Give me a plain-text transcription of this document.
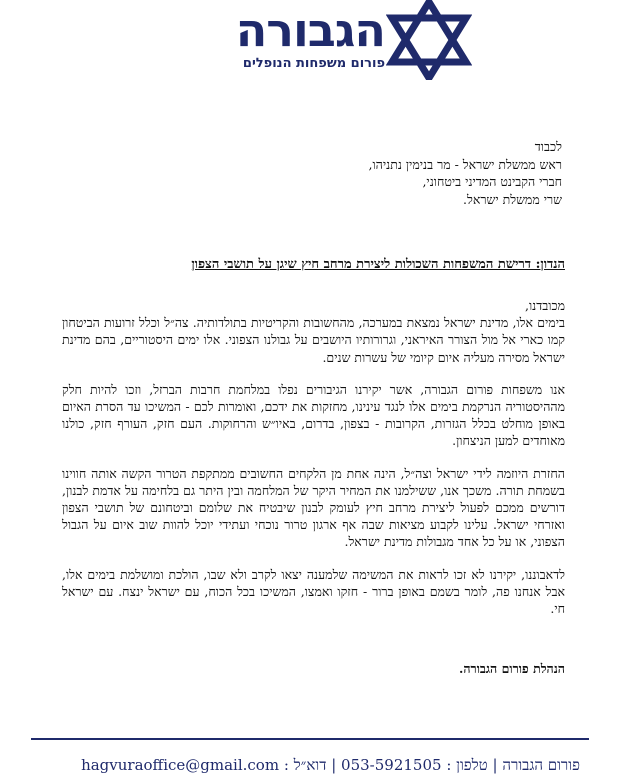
הגבורה
פורום משפחות הנופלים
לכבוד
ראש ממשלת ישראל - מר בנימין נתניהו,
חברי הקבינט המדיני ביטחוני,
שרי ממשלת ישראל.
הנדון: דרישת המשפחות השכולות ליצירת מרחב חיץ שיגן על תושבי הצפון

מכובדנו,

בימים אלו, מדינת ישראל נמצאת במערכה, מהחשובות והקריטיות בתולדותיה. צה״ל וכלל זרועות הביטחון קמו כארי אל מול הצורר האיראני, וגרורותיו היושבים על גבולנו הצפוני. אלו ימים היסטוריים, בהם מדינת ישראל מסירה מעליה איום קיומי של עשרות שנים.

אנו משפחות פורום הגבורה, אשר יקירנו הגיבורים נפלו במלחמת חרבות הברזל, וזכו להיות חלק מההיסטוריה הנרקמת בימים אלו לנגד עינינו, מחזקות את ידכם, ואומרות לכם - המשיכו עד הסרת האיום באופן מוחלט בכלל הגזרות, הקרובות - בצפון, בדרום, באיו״ש והרחוקות. העם חזק, העורף חזק, כולנו מאוחדים למען הניצחון.

החזרת היוזמה לידי ישראל וצה״ל, הינה אחת מן הלקחים החשובים ממתקפת הטרור הקשה אותה חווינו בשמחת תורה. משכך אנו, ששילמנו את המחיר היקר של המלחמה ובין היתר גם בלחימה על אדמת לבנון, דורשים ממכם לפעול ליצירת מרחב חיץ לעומק לבנון שיבטיח את שלומם וביטחונם של תושבי הצפון ואזרחי ישראל. עלינו לקבוע מציאות שבה אף ארגון טרור נוכחי ועתידי יוכל להוות שוב איום על הגבול הצפוני, או על כל אחד מגבולות מדינת ישראל.

לדאבוננו, יקירנו לא זכו לראות את המשימה שלמענה יצאו לקרב ולא שבו, הולכת ומושלמת בימים אלו, אבל אנחנו פה, לומר בשמם באופן ברור - חזקו ואמצו, המשיכו בכל הכוח, עם ישראל ינצח. עם ישראל חי.

הנהלת פורום הגבורה.
פורום הגבורה | טלפון : 053-5921505 | דוא״ל : hagvuraoffice@gmail.com
